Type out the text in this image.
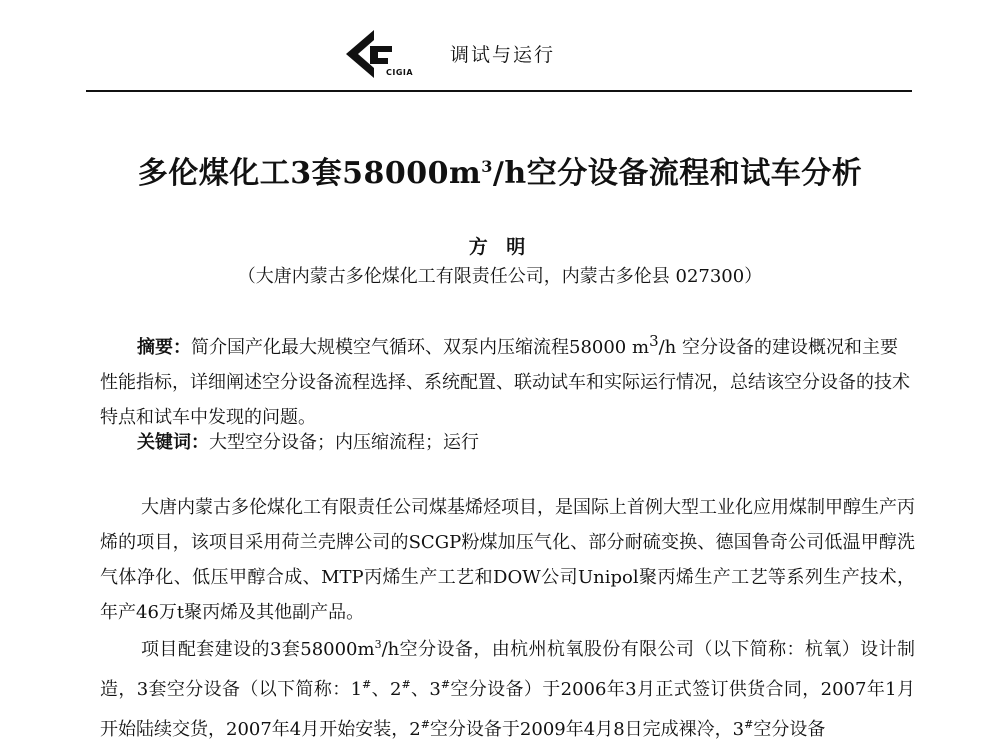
CIGIA
调试与运行
多伦煤化工3套$58000m^3/h$空分设备流程和试车分析
方 明
（大唐内蒙古多伦煤化工有限责任公司，内蒙古多伦县 027300）
摘要：简介国产化最大规模空气循环、双泵内压缩流程58000 $m^3/h$ 空分设备的建设概况和主要性能指标，详细阐述空分设备流程选择、系统配置、联动试车和实际运行情况，总结该空分设备的技术特点和试车中发现的问题。
关键词：大型空分设备；内压缩流程；运行
大唐内蒙古多伦煤化工有限责任公司煤基烯烃项目，是国际上首例大型工业化应用煤制甲醇生产丙烯的项目，该项目采用荷兰壳牌公司的SCGP粉煤加压气化、部分耐硫变换、德国鲁奇公司低温甲醇洗气体净化、低压甲醇合成、MTP丙烯生产工艺和DOW公司Unipol聚丙烯生产工艺等系列生产技术，年产46万t聚丙烯及其他副产品。
项目配套建设的3套$58000m^3/h$空分设备，由杭州杭氧股份有限公司（以下简称：杭氧）设计制造，3套空分设备（以下简称：1#、2#、3#空分设备）于2006年3月正式签订供货合同，2007年1月开始陆续交货，2007年4月开始安装，2#空分设备于2009年4月8日完成裸冷，3#空分设备
